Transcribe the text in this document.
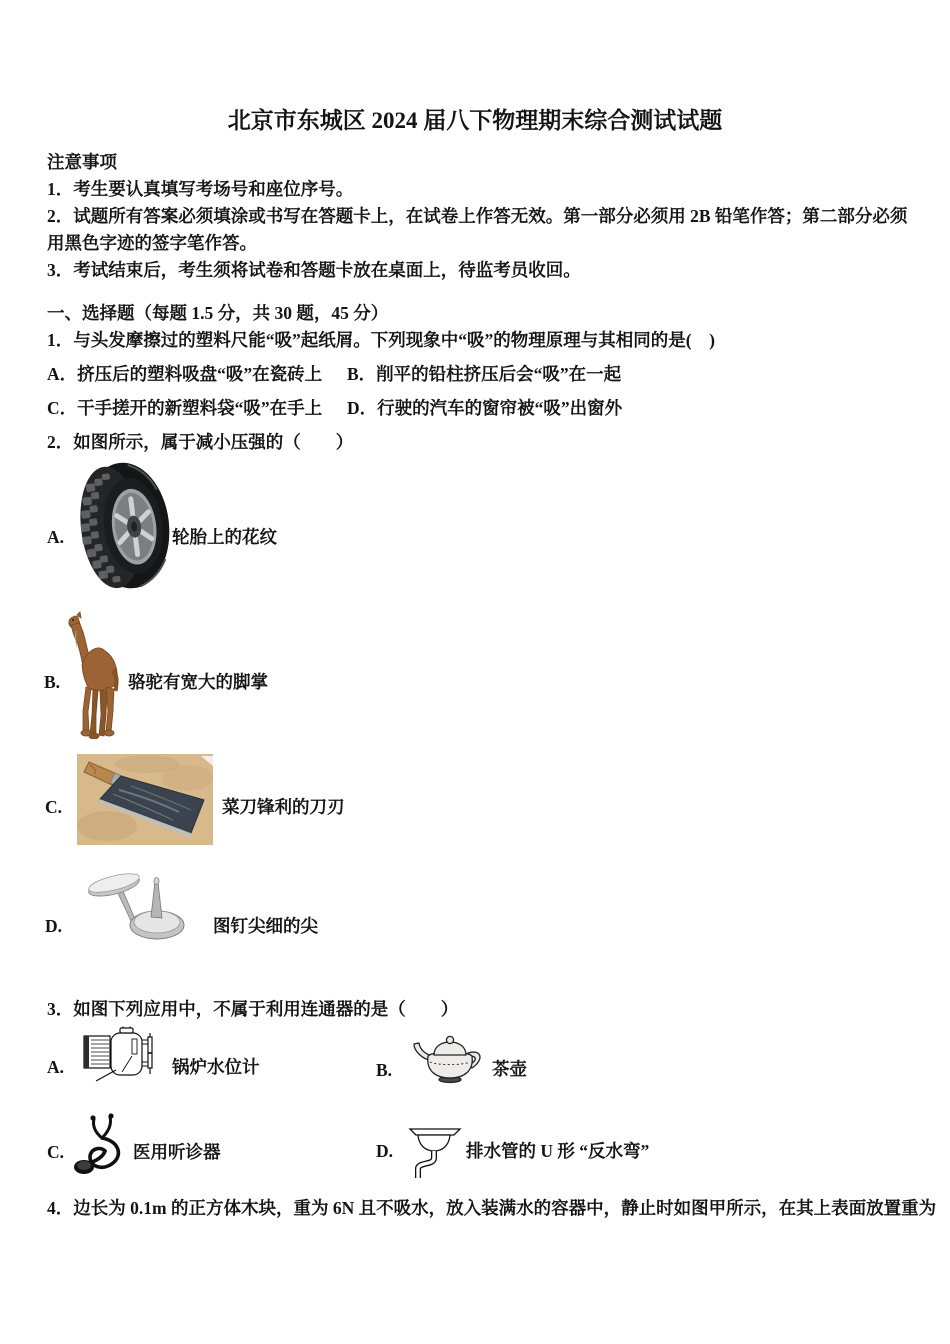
北京市东城区 2024 届八下物理期末综合测试试题
注意事项
1．考生要认真填写考场号和座位序号。
2．试题所有答案必须填涂或书写在答题卡上，在试卷上作答无效。第一部分必须用 2B 铅笔作答；第二部分必须用黑色字迹的签字笔作答。
3．考试结束后，考生须将试卷和答题卡放在桌面上，待监考员收回。
一、选择题（每题 1.5 分，共 30 题，45 分）
1．与头发摩擦过的塑料尺能“吸”起纸屑。下列现象中“吸”的物理原理与其相同的是(　)
A．挤压后的塑料吸盘“吸”在瓷砖上 B．削平的铅柱挤压后会“吸”在一起
C．干手搓开的新塑料袋“吸”在手上 D．行驶的汽车的窗帘被“吸”出窗外
2．如图所示，属于减小压强的（　　）
A.	轮胎上的花纹
B.	骆驼有宽大的脚掌
C.	菜刀锋利的刀刃
D.	图钉尖细的尖
3．如图下列应用中，不属于利用连通器的是（　　）
A.	锅炉水位计	B.	茶壶
C.	医用听诊器	D.	排水管的 U 形 “反水弯”
4．边长为 0.1m 的正方体木块，重为 6N 且不吸水，放入装满水的容器中，静止时如图甲所示，在其上表面放置重为
